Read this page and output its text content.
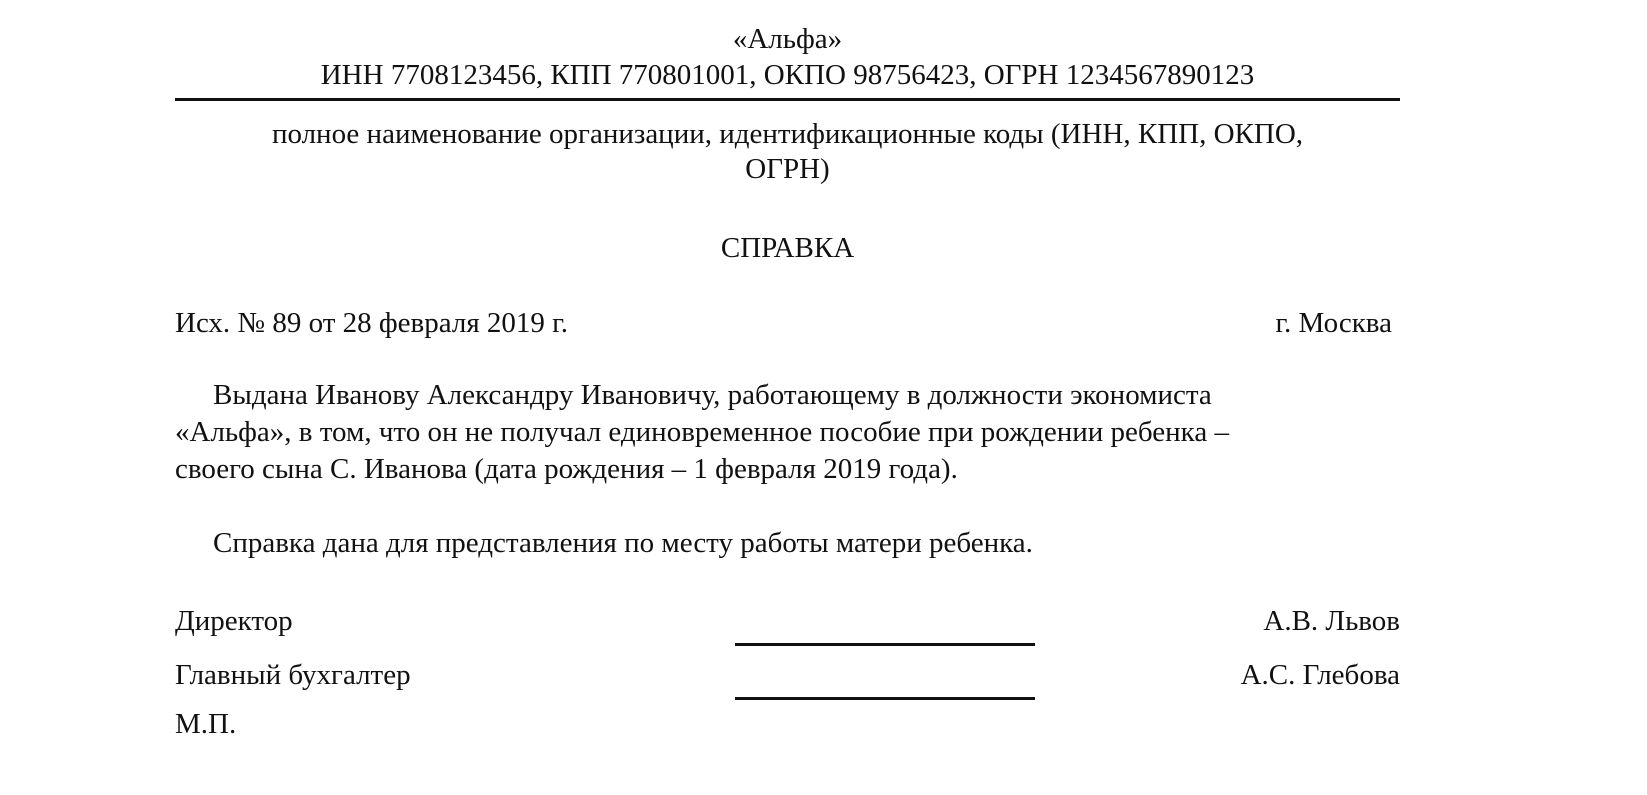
«Альфа»
ИНН 7708123456, КПП 770801001, ОКПО 98756423, ОГРН 1234567890123
полное наименование организации, идентификационные коды (ИНН, КПП, ОКПО,
ОГРН)
СПРАВКА
Исх. № 89 от 28 февраля 2019 г.	г. Москва
Выдана Иванову Александру Ивановичу, работающему в должности экономиста
«Альфа», в том, что он не получал единовременное пособие при рождении ребенка –
своего сына С. Иванова (дата рождения – 1 февраля 2019 года).
Справка дана для представления по месту работы матери ребенка.
Директор	А.В. Львов
Главный бухгалтер	А.С. Глебова
М.П.
